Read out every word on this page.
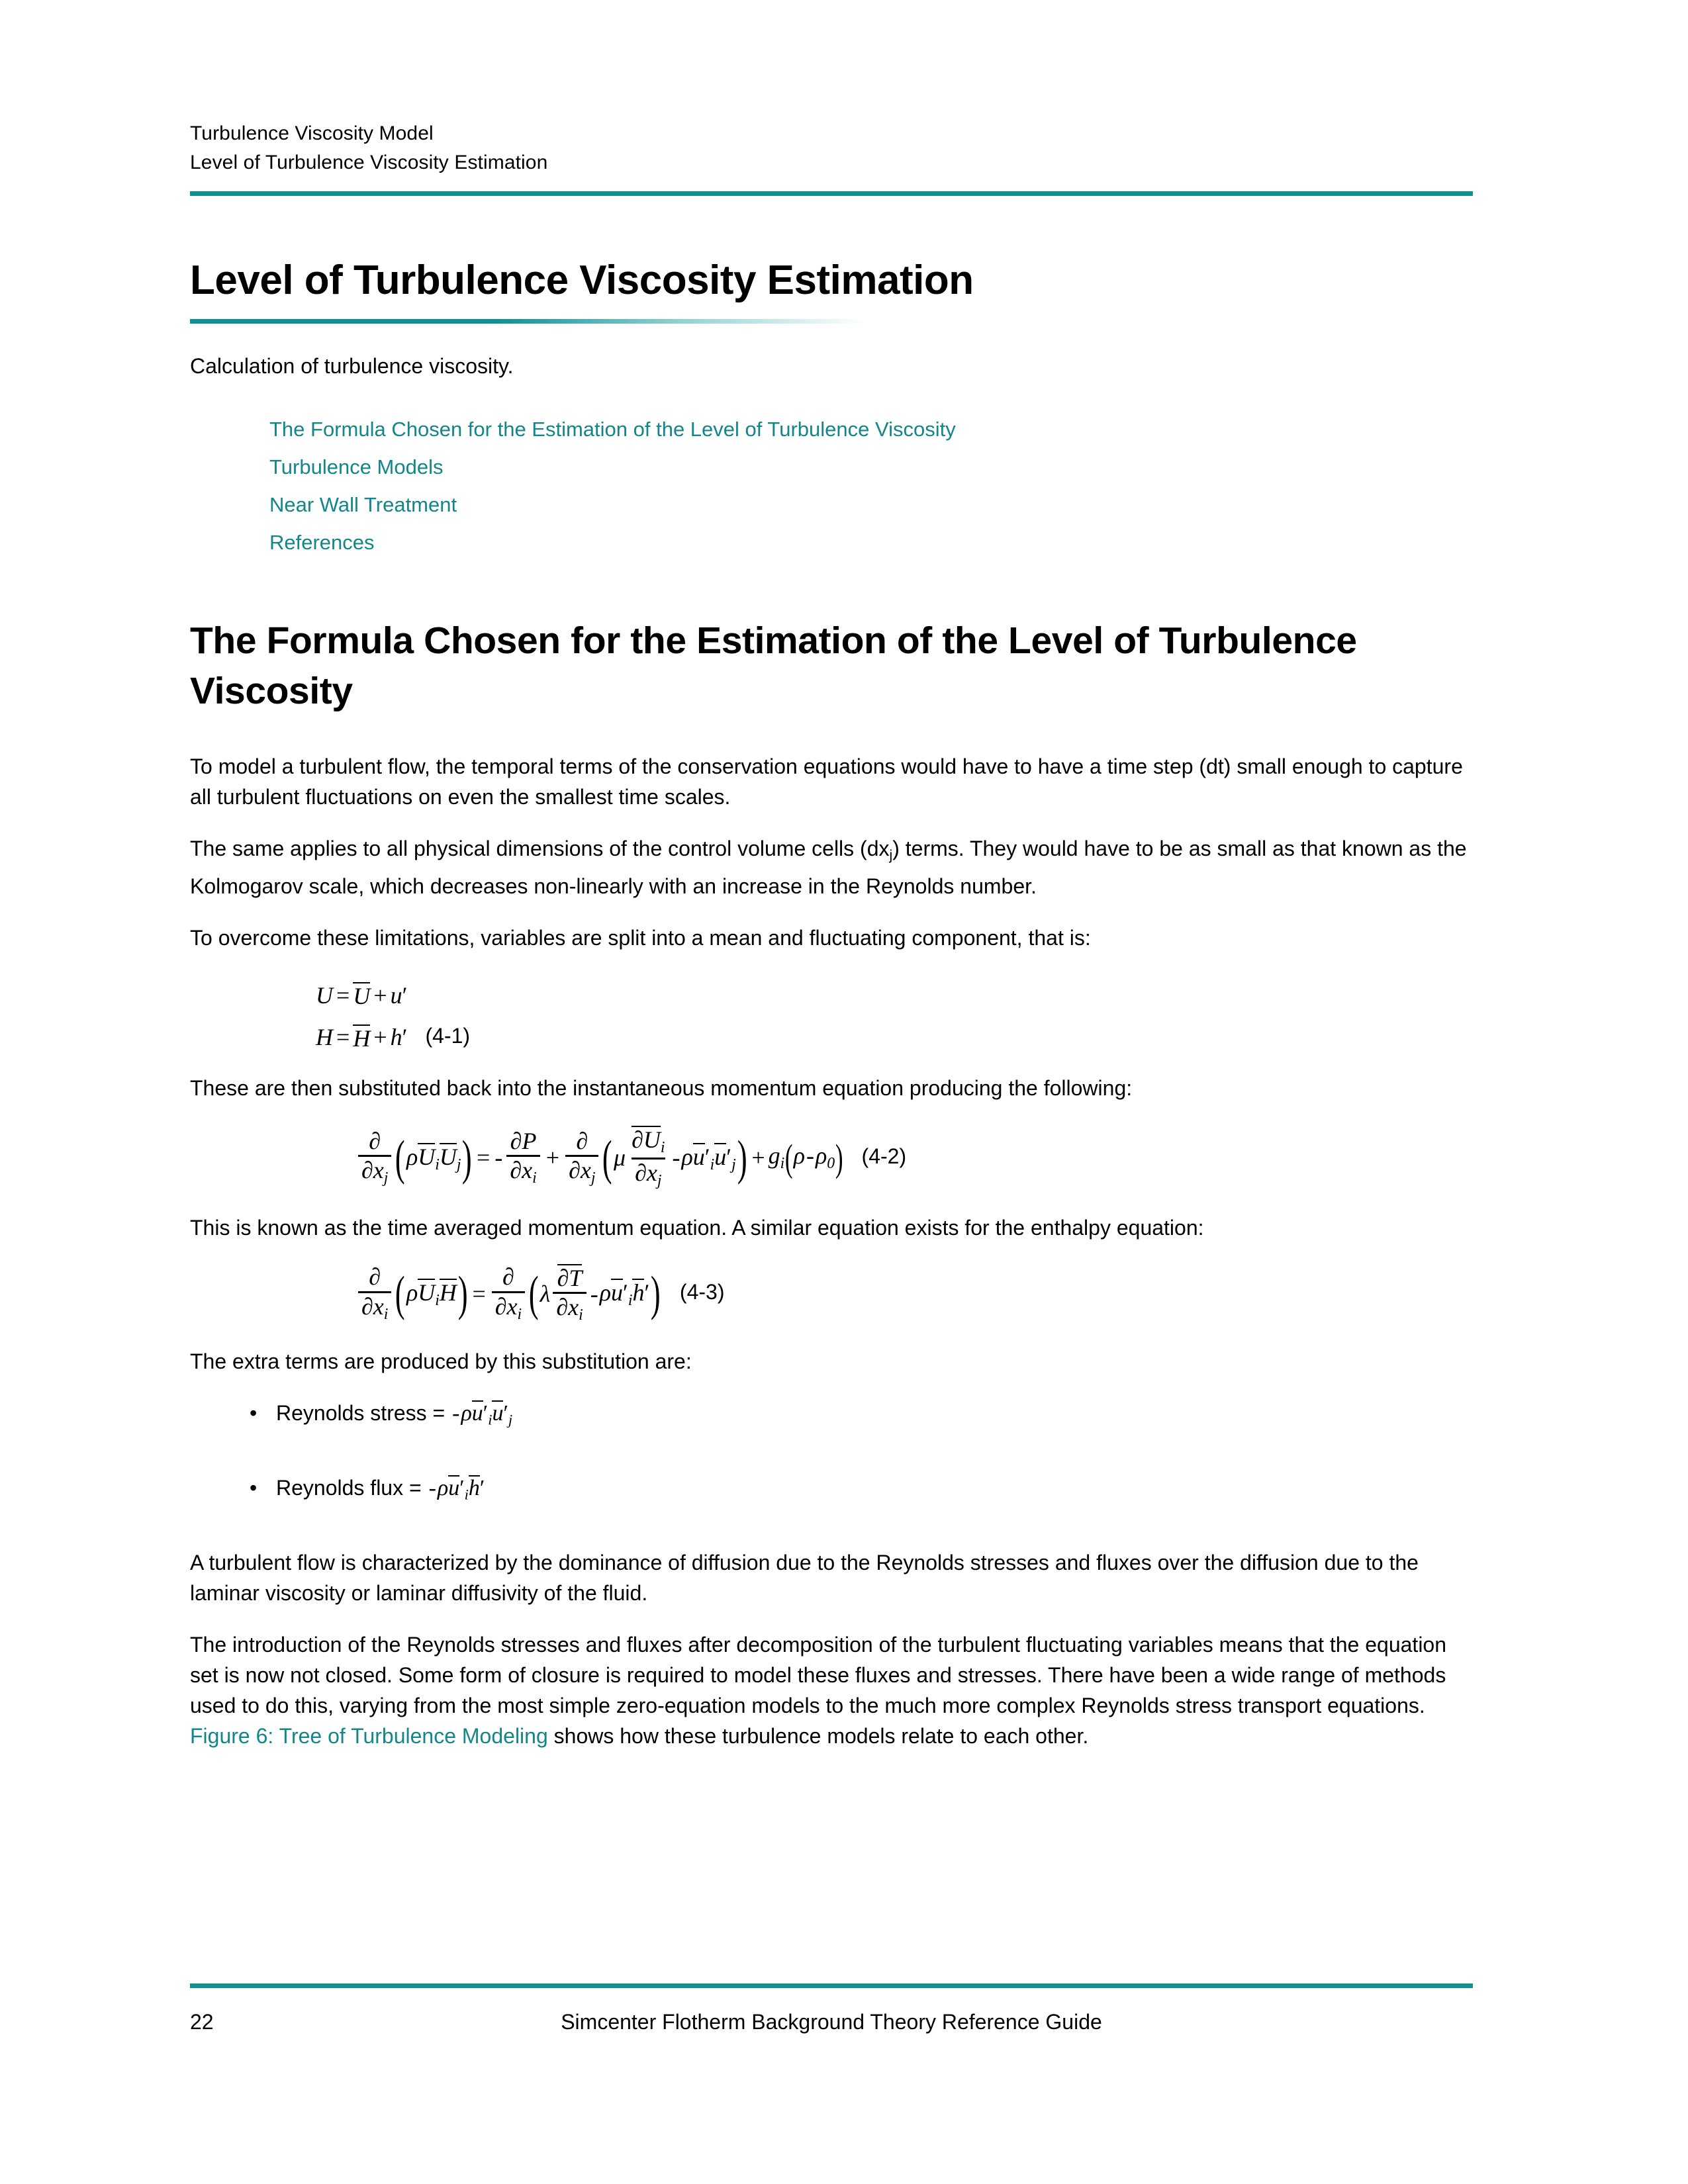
Turbulence Viscosity Model
Level of Turbulence Viscosity Estimation
Level of Turbulence Viscosity Estimation
Calculation of turbulence viscosity.
The Formula Chosen for the Estimation of the Level of Turbulence Viscosity
Turbulence Models
Near Wall Treatment
References
The Formula Chosen for the Estimation of the Level of Turbulence Viscosity

To model a turbulent flow, the temporal terms of the conservation equations would have to have a time step (dt) small enough to capture all turbulent fluctuations on even the smallest time scales.

The same applies to all physical dimensions of the control volume cells $(dx_j)$ terms. They would have to be as small as that known as the Kolmogarov scale, which decreases non-linearly with an increase in the Reynolds number.

To overcome these limitations, variables are split into a mean and fluctuating component, that is:

U = U + u ′
H = H + h ′ (4-1)

These are then substituted back into the instantaneous momentum equation producing the following:

$\frac{\partial}{\partial xj}$ ( ρUiUj ) = - $\frac{\partial P}{\partial xi} + \frac{\partial}{\partial xj}$ ( μ $\frac{\partial Ui}{\partial xj} - \rho u'iu'j$ ) + gi ( ρ-ρ0 ) (4-2)

This is known as the time averaged momentum equation. A similar equation exists for the enthalpy equation:

$\frac{\partial}{\partial xi}$ ( ρUiH ) = $\frac{\partial}{\partial xi}$ ( λ $\frac{\partial T}{\partial xi} - \rho u'ih'$ ) (4-3)

The extra terms are produced by this substitution are:

• Reynolds stress = -ρu′iu′j
• Reynolds flux = -ρu′ih′

A turbulent flow is characterized by the dominance of diffusion due to the Reynolds stresses and fluxes over the diffusion due to the laminar viscosity or laminar diffusivity of the fluid.

The introduction of the Reynolds stresses and fluxes after decomposition of the turbulent fluctuating variables means that the equation set is now not closed. Some form of closure is required to model these fluxes and stresses. There have been a wide range of methods used to do this, varying from the most simple zero-equation models to the much more complex Reynolds stress transport equations. Figure 6: Tree of Turbulence Modeling shows how these turbulence models relate to each other.

22	Simcenter Flotherm Background Theory Reference Guide
